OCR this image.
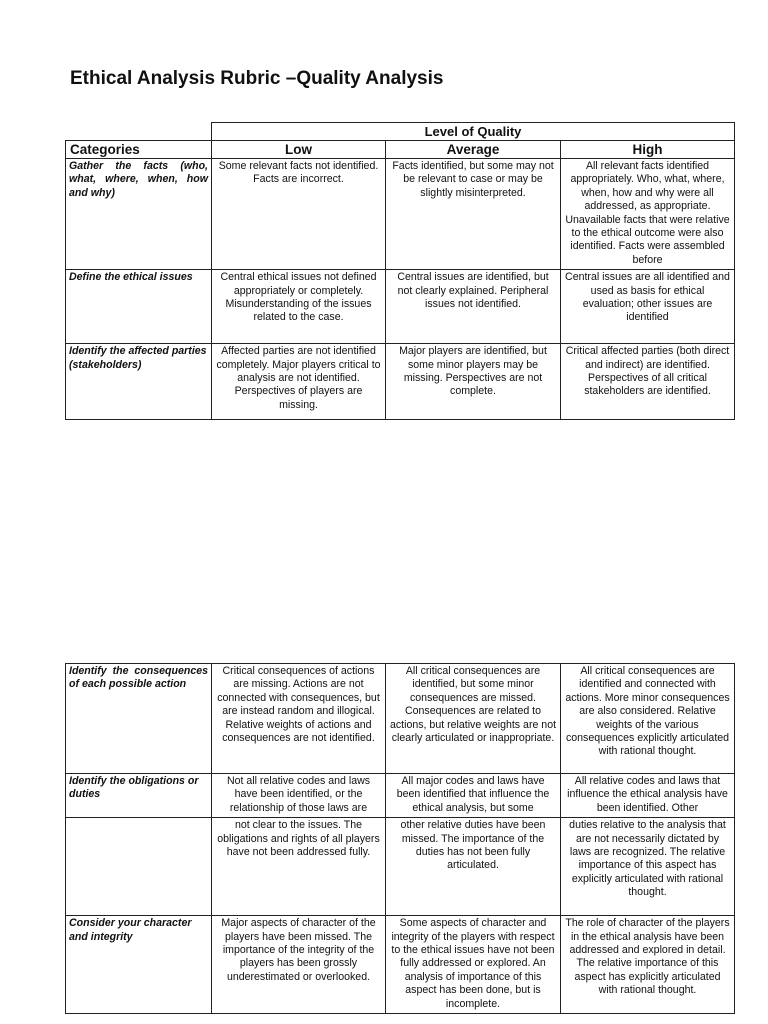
Ethical Analysis Rubric –Quality Analysis
	Level of Quality		
Categories	Low	Average	High
Gather the facts (who, what, where, when, how and why)	Some relevant facts not identified. Facts are incorrect.	Facts identified, but some may not be relevant to case or may be slightly misinterpreted.	All relevant facts identified appropriately. Who, what, where, when, how and why were all addressed, as appropriate. Unavailable facts that were relative to the ethical outcome were also identified. Facts were assembled before
Define the ethical issues	Central ethical issues not defined appropriately or completely. Misunderstanding of the issues related to the case.	Central issues are identified, but not clearly explained. Peripheral issues not identified.	Central issues are all identified and used as basis for ethical evaluation; other issues are identified
Identify the affected parties (stakeholders)	Affected parties are not identified completely. Major players critical to analysis are not identified. Perspectives of players are missing.	Major players are identified, but some minor players may be missing. Perspectives are not complete.	Critical affected parties (both direct and indirect) are identified. Perspectives of all critical stakeholders are identified.
Identify the consequences of each possible action	Critical consequences of actions are missing. Actions are not connected with consequences, but are instead random and illogical. Relative weights of actions and consequences are not identified.	All critical consequences are identified, but some minor consequences are missed. Consequences are related to actions, but relative weights are not clearly articulated or inappropriate.	All critical consequences are identified and connected with actions. More minor consequences are also considered. Relative weights of the various consequences explicitly articulated with rational thought.
Identify the obligations or duties	Not all relative codes and laws have been identified, or the relationship of those laws are	All major codes and laws have been identified that influence the ethical analysis, but some	All relative codes and laws that influence the ethical analysis have been identified. Other
	not clear to the issues. The obligations and rights of all players have not been addressed fully.	other relative duties have been missed. The importance of the duties has not been fully articulated.	duties relative to the analysis that are not necessarily dictated by laws are recognized. The relative importance of this aspect has explicitly articulated with rational thought.
Consider your character and integrity	Major aspects of character of the players have been missed. The importance of the integrity of the players has been grossly underestimated or overlooked.	Some aspects of character and integrity of the players with respect to the ethical issues have not been fully addressed or explored. An analysis of importance of this aspect has been done, but is incomplete.	The role of character of the players in the ethical analysis have been addressed and explored in detail. The relative importance of this aspect has explicitly articulated with rational thought.
